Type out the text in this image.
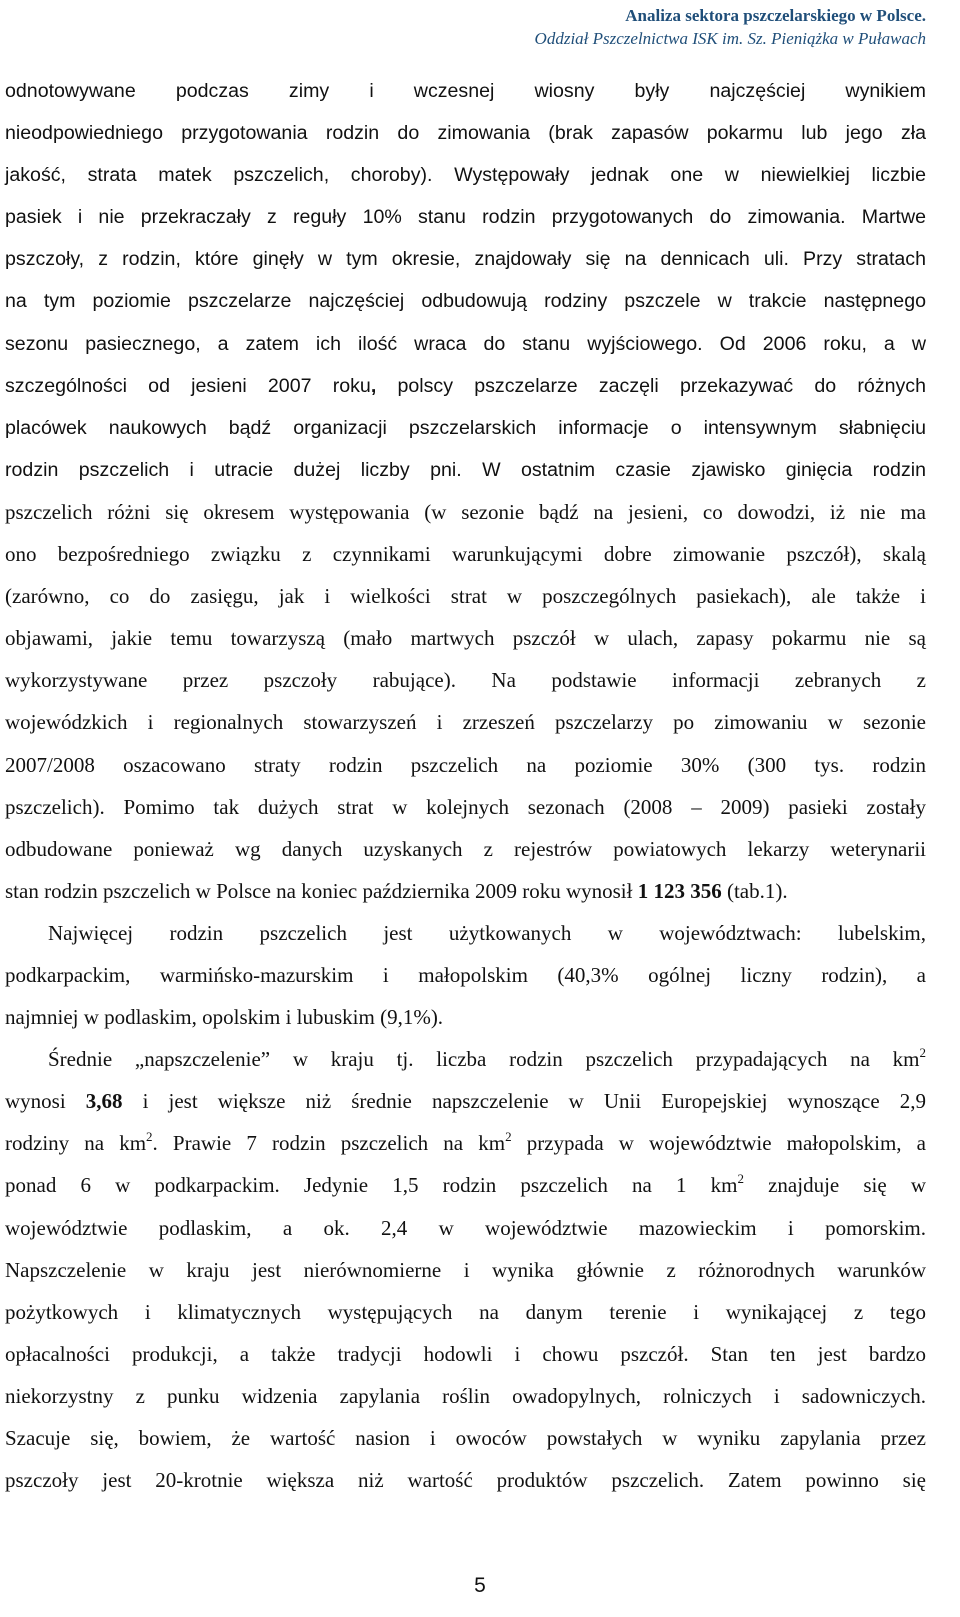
Analiza sektora pszczelarskiego w Polsce.
Oddział Pszczelnictwa ISK im. Sz. Pieniążka w Puławach
odnotowywane podczas zimy i wczesnej wiosny były najczęściej wynikiem
nieodpowiedniego przygotowania rodzin do zimowania (brak zapasów pokarmu lub jego zła
jakość, strata matek pszczelich, choroby). Występowały jednak one w niewielkiej liczbie
pasiek i nie przekraczały z reguły 10% stanu rodzin przygotowanych do zimowania. Martwe
pszczoły, z rodzin, które ginęły w tym okresie, znajdowały się na dennicach uli. Przy stratach
na tym poziomie pszczelarze najczęściej odbudowują rodziny pszczele w trakcie następnego
sezonu pasiecznego, a zatem ich ilość wraca do stanu wyjściowego. Od 2006 roku, a w
szczególności od jesieni 2007 roku, polscy pszczelarze zaczęli przekazywać do różnych
placówek naukowych bądź organizacji pszczelarskich informacje o intensywnym słabnięciu
rodzin pszczelich i utracie dużej liczby pni. W ostatnim czasie zjawisko ginięcia rodzin
pszczelich różni się okresem występowania (w sezonie bądź na jesieni, co dowodzi, iż nie ma
ono bezpośredniego związku z czynnikami warunkującymi dobre zimowanie pszczół), skalą
(zarówno, co do zasięgu, jak i wielkości strat w poszczególnych pasiekach), ale także i
objawami, jakie temu towarzyszą (mało martwych pszczół w ulach, zapasy pokarmu nie są
wykorzystywane przez pszczoły rabujące). Na podstawie informacji zebranych z
wojewódzkich i regionalnych stowarzyszeń i zrzeszeń pszczelarzy po zimowaniu w sezonie
2007/2008 oszacowano straty rodzin pszczelich na poziomie 30% (300 tys. rodzin
pszczelich). Pomimo tak dużych strat w kolejnych sezonach (2008 – 2009) pasieki zostały
odbudowane ponieważ wg danych uzyskanych z rejestrów powiatowych lekarzy weterynarii
stan rodzin pszczelich w Polsce na koniec października 2009 roku wynosił 1 123 356 (tab.1).
Najwięcej rodzin pszczelich jest użytkowanych w województwach: lubelskim,
podkarpackim, warmińsko-mazurskim i małopolskim (40,3% ogólnej liczny rodzin), a
najmniej w podlaskim, opolskim i lubuskim (9,1%).
Średnie „napszczelenie” w kraju tj. liczba rodzin pszczelich przypadających na $km^2$
wynosi 3,68 i jest większe niż średnie napszczelenie w Unii Europejskiej wynoszące 2,9
rodziny na $km^2$. Prawie 7 rodzin pszczelich na $km^2$ przypada w województwie małopolskim, a
ponad 6 w podkarpackim. Jedynie 1,5 rodzin pszczelich na 1 $km^2$ znajduje się w
województwie podlaskim, a ok. 2,4 w województwie mazowieckim i pomorskim.
Napszczelenie w kraju jest nierównomierne i wynika głównie z różnorodnych warunków
pożytkowych i klimatycznych występujących na danym terenie i wynikającej z tego
opłacalności produkcji, a także tradycji hodowli i chowu pszczół. Stan ten jest bardzo
niekorzystny z punku widzenia zapylania roślin owadopylnych, rolniczych i sadowniczych.
Szacuje się, bowiem, że wartość nasion i owoców powstałych w wyniku zapylania przez
pszczoły jest 20-krotnie większa niż wartość produktów pszczelich. Zatem powinno się
5
